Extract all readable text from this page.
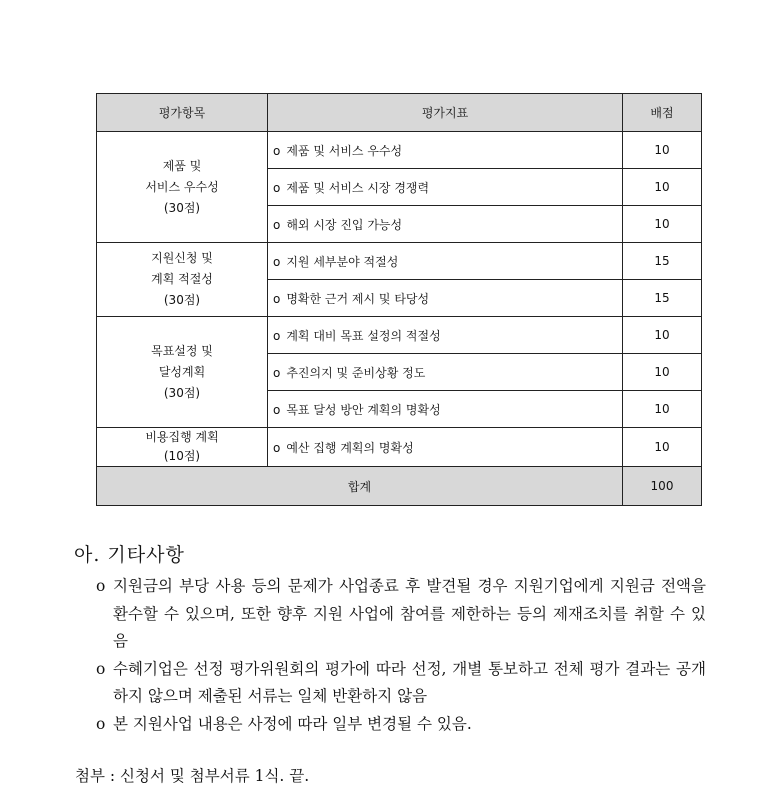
평가항목	평가지표	배점

제품 및
서비스 우수성
(30점)	o 제품 및 서비스 우수성	10
	o 제품 및 서비스 시장 경쟁력	10
	o 해외 시장 진입 가능성	10

지원신청 및
계획 적절성
(30점)	o 지원 세부분야 적절성	15
	o 명확한 근거 제시 및 타당성	15

목표설정 및
달성계획
(30점)	o 계획 대비 목표 설정의 적절성	10
	o 추진의지 및 준비상황 정도	10
	o 목표 달성 방안 계획의 명확성	10

비용집행 계획
(10점)	o 예산 집행 계획의 명확성	10
합계		100
아. 기타사항
o 지원금의 부당 사용 등의 문제가 사업종료 후 발견될 경우 지원기업에게 지원금 전액을 환수할 수 있으며, 또한 향후 지원 사업에 참여를 제한하는 등의 제재조치를 취할 수 있음
o 수혜기업은 선정 평가위원회의 평가에 따라 선정, 개별 통보하고 전체 평가 결과는 공개하지 않으며 제출된 서류는 일체 반환하지 않음
o 본 지원사업 내용은 사정에 따라 일부 변경될 수 있음.
첨부 : 신청서 및 첨부서류 1식. 끝.
